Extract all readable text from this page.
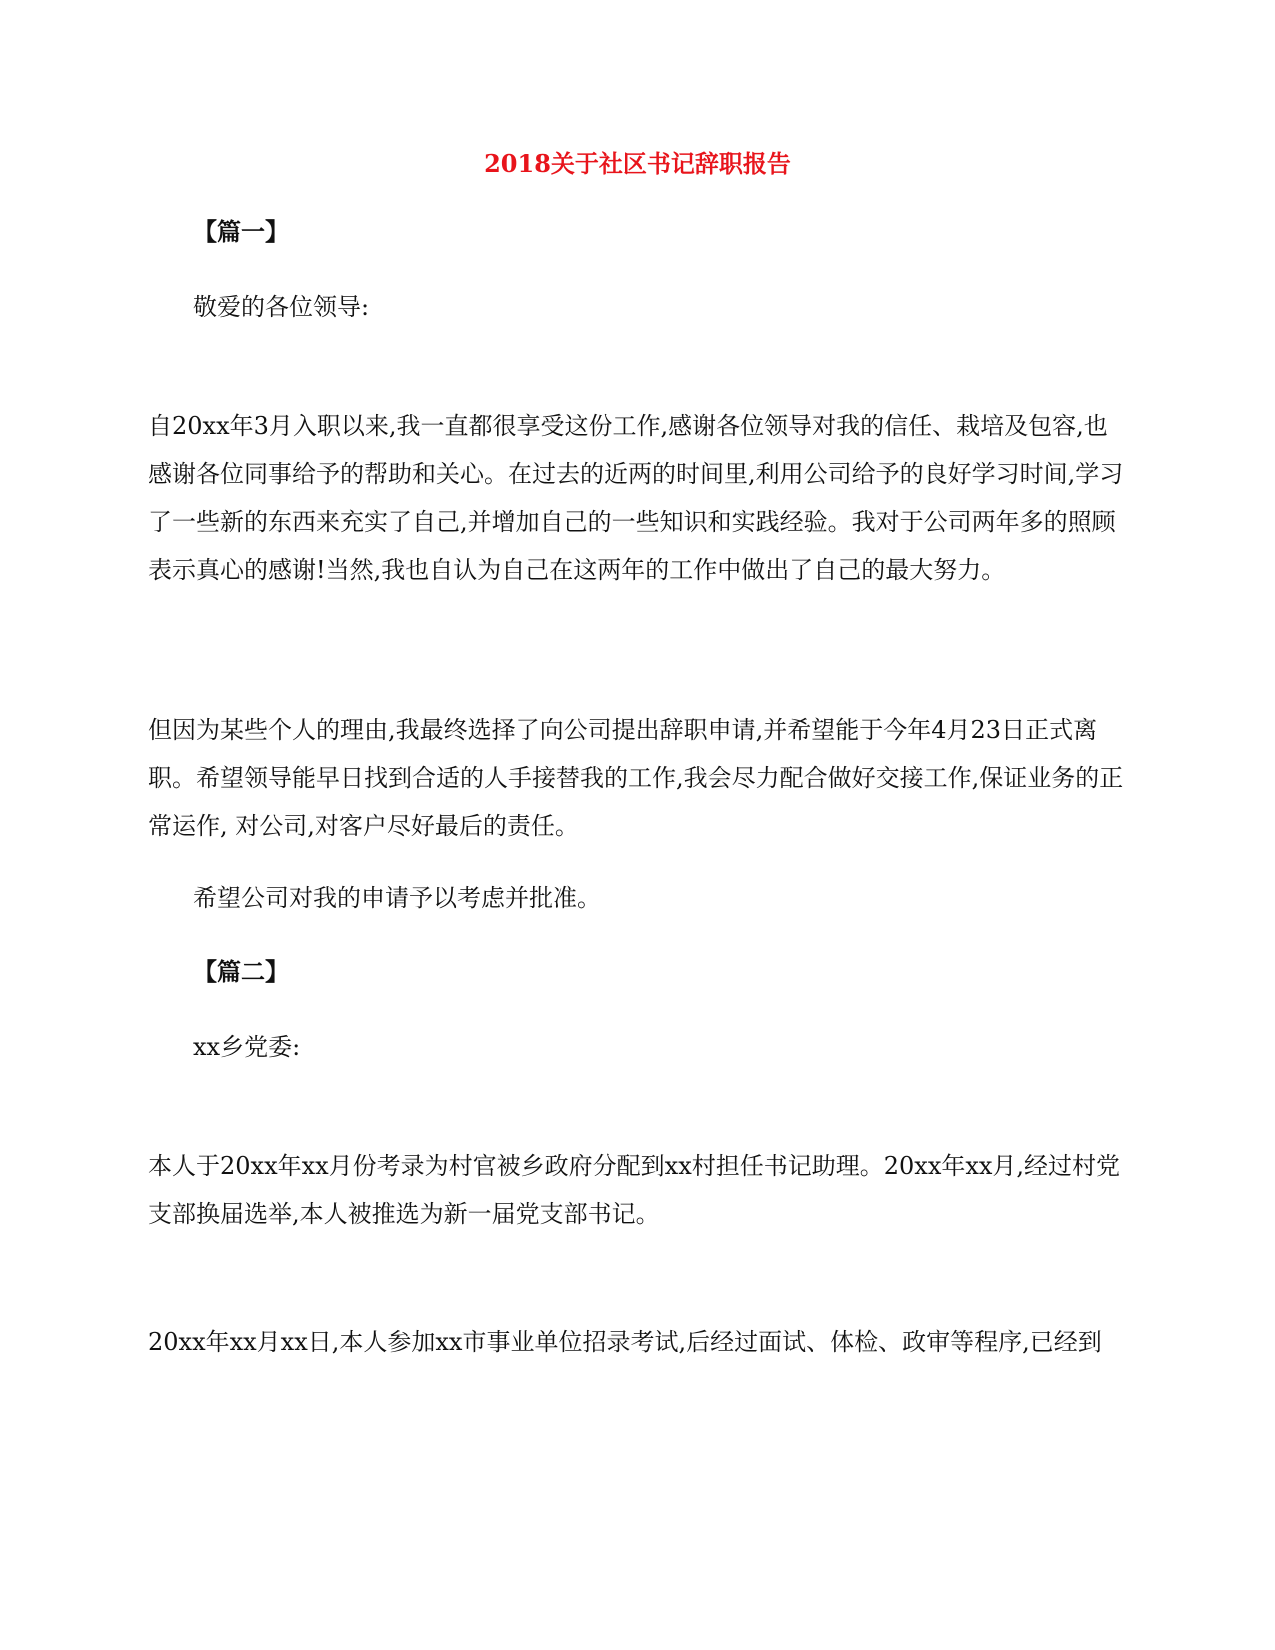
2018关于社区书记辞职报告
【篇一】
敬爱的各位领导:

自20xx年3月入职以来,我一直都很享受这份工作,感谢各位领导对我的信任、栽培及包容,也感谢各位同事给予的帮助和关心。在过去的近两的时间里,利用公司给予的良好学习时间,学习了一些新的东西来充实了自己,并增加自己的一些知识和实践经验。我对于公司两年多的照顾表示真心的感谢!当然,我也自认为自己在这两年的工作中做出了自己的最大努力。

但因为某些个人的理由,我最终选择了向公司提出辞职申请,并希望能于今年4月23日正式离职。希望领导能早日找到合适的人手接替我的工作,我会尽力配合做好交接工作,保证业务的正常运作, 对公司,对客户尽好最后的责任。

希望公司对我的申请予以考虑并批准。
【篇二】
xx乡党委:

本人于20xx年xx月份考录为村官被乡政府分配到xx村担任书记助理。20xx年xx月,经过村党支部换届选举,本人被推选为新一届党支部书记。

20xx年xx月xx日,本人参加xx市事业单位招录考试,后经过面试、体检、政审等程序,已经到
